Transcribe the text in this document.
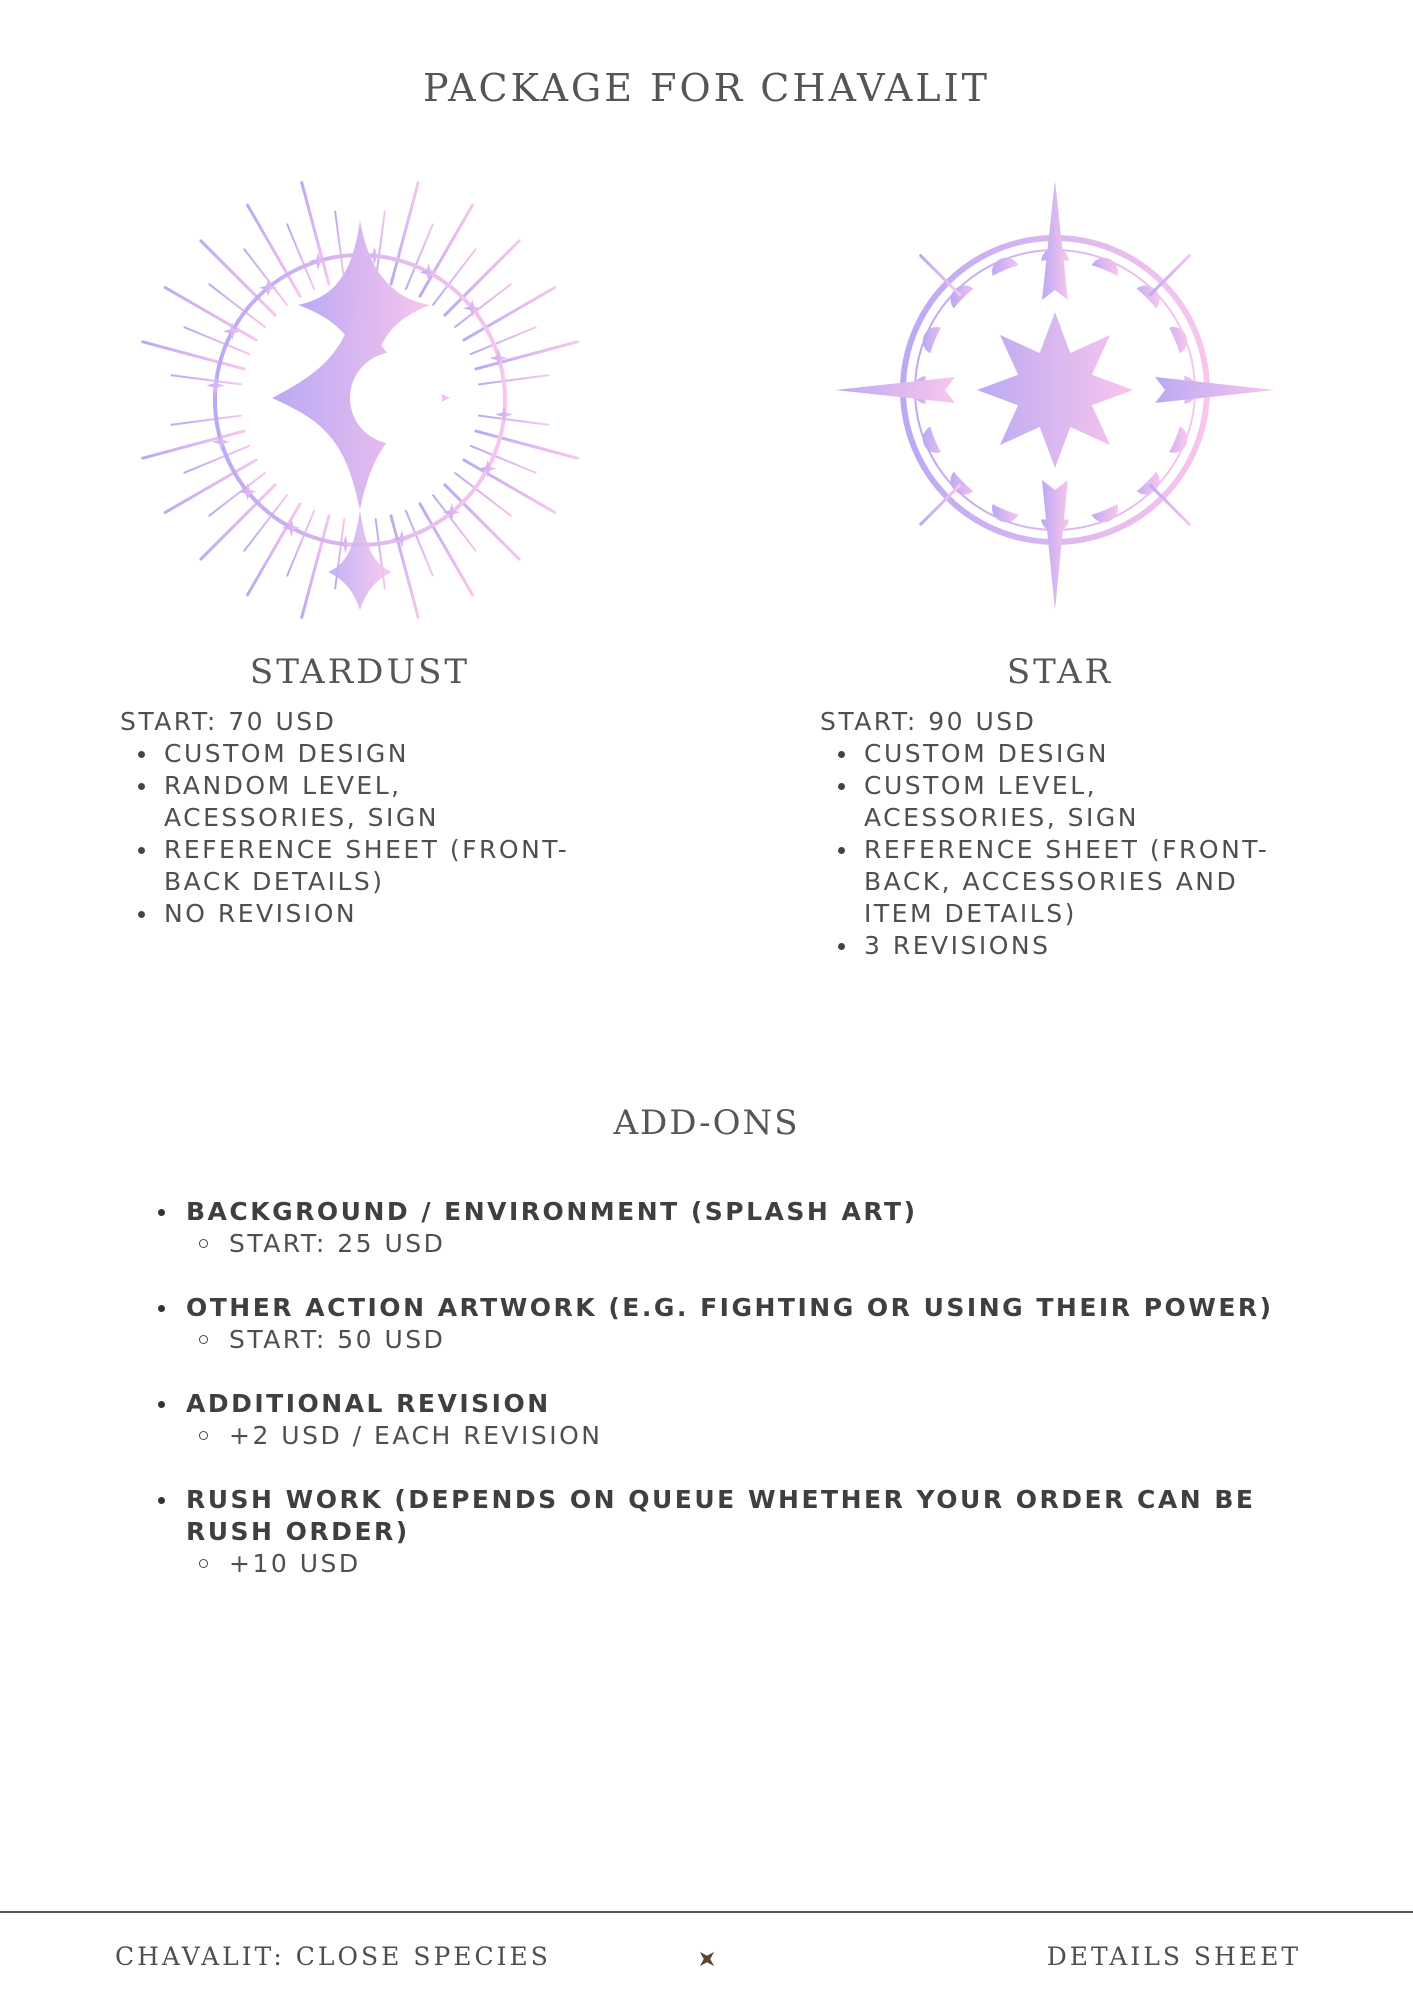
PACKAGE FOR CHAVALIT
STARDUST	STAR

START: 70 USD

CUSTOM DESIGN
RANDOM LEVEL, ACESSORIES, SIGN
REFERENCE SHEET (FRONT-BACK DETAILS)
NO REVISION

START: 90 USD

CUSTOM DESIGN
CUSTOM LEVEL, ACESSORIES, SIGN
REFERENCE SHEET (FRONT-BACK, ACCESSORIES AND ITEM DETAILS)
3 REVISIONS
ADD-ONS
BACKGROUND / ENVIRONMENT (SPLASH ART)
START: 25 USD
OTHER ACTION ARTWORK (E.G. FIGHTING OR USING THEIR POWER)
START: 50 USD
ADDITIONAL REVISION
+2 USD / EACH REVISION
RUSH WORK (DEPENDS ON QUEUE WHETHER YOUR ORDER CAN BE RUSH ORDER)
+10 USD
CHAVALIT: CLOSE SPECIES	DETAILS SHEET
